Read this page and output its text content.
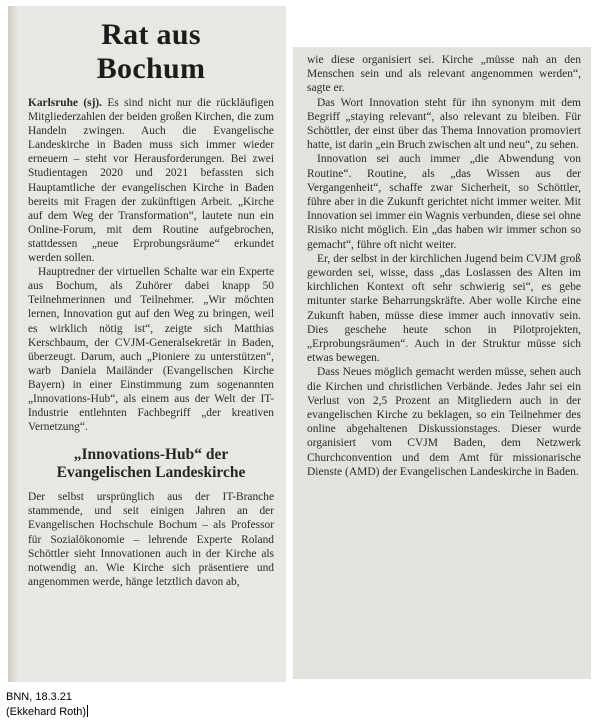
Rat aus
Bochum

Karlsruhe (sj). Es sind nicht nur die rückläufigen Mitgliederzahlen der beiden großen Kirchen, die zum Handeln zwingen. Auch die Evangelische Landeskirche in Baden muss sich immer wieder erneuern – steht vor Herausforderungen. Bei zwei Studientagen 2020 und 2021 befassten sich Hauptamtliche der evangelischen Kirche in Baden bereits mit Fragen der zukünftigen Arbeit. „Kirche auf dem Weg der Transformation“, lautete nun ein Online-Forum, mit dem Routine aufgebrochen, stattdessen „neue Erprobungsräume“ erkundet werden sollen.

Hauptredner der virtuellen Schalte war ein Experte aus Bochum, als Zuhörer dabei knapp 50 Teilnehmerinnen und Teilnehmer. „Wir möchten lernen, Innovation gut auf den Weg zu bringen, weil es wirklich nötig ist“, zeigte sich Matthias Kerschbaum, der CVJM-Generalsekretär in Baden, überzeugt. Darum, auch „Pioniere zu unterstützen“, warb Daniela Mailänder (Evangelischen Kirche Bayern) in einer Einstimmung zum sogenannten „Innovations-Hub“, als einem aus der Welt der IT-Industrie entlehnten Fachbegriff „der kreativen Vernetzung“.

„Innovations-Hub“ der
Evangelischen Landeskirche

Der selbst ursprünglich aus der IT-Branche stammende, und seit einigen Jahren an der Evangelischen Hochschule Bochum – als Professor für Sozialökonomie – lehrende Experte Roland Schöttler sieht Innovationen auch in der Kirche als notwendig an. Wie Kirche sich präsentiere und angenommen werde, hänge letztlich davon ab,

wie diese organisiert sei. Kirche „müsse nah an den Menschen sein und als relevant angenommen werden“, sagte er.

Das Wort Innovation steht für ihn synonym mit dem Begriff „staying relevant“, also relevant zu bleiben. Für Schöttler, der einst über das Thema Innovation promoviert hatte, ist darin „ein Bruch zwischen alt und neu“, zu sehen.

Innovation sei auch immer „die Abwendung von Routine“. Routine, als „das Wissen aus der Vergangenheit“, schaffe zwar Sicherheit, so Schöttler, führe aber in die Zukunft gerichtet nicht immer weiter. Mit Innovation sei immer ein Wagnis verbunden, diese sei ohne Risiko nicht möglich. Ein „das haben wir immer schon so gemacht“, führe oft nicht weiter.

Er, der selbst in der kirchlichen Jugend beim CVJM groß geworden sei, wisse, dass „das Loslassen des Alten im kirchlichen Kontext oft sehr schwierig sei“, es gebe mitunter starke Beharrungskräfte. Aber wolle Kirche eine Zukunft haben, müsse diese immer auch innovativ sein. Dies geschehe heute schon in Pilotprojekten, „Erprobungsräumen“. Auch in der Struktur müsse sich etwas bewegen.

Dass Neues möglich gemacht werden müsse, sehen auch die Kirchen und christlichen Verbände. Jedes Jahr sei ein Verlust von 2,5 Prozent an Mitgliedern auch in der evangelischen Kirche zu beklagen, so ein Teilnehmer des online abgehaltenen Diskussionstages. Dieser wurde organisiert vom CVJM Baden, dem Netzwerk Churchconvention und dem Amt für missionarische Dienste (AMD) der Evangelischen Landeskirche in Baden.

BNN, 18.3.21
(Ekkehard Roth)
